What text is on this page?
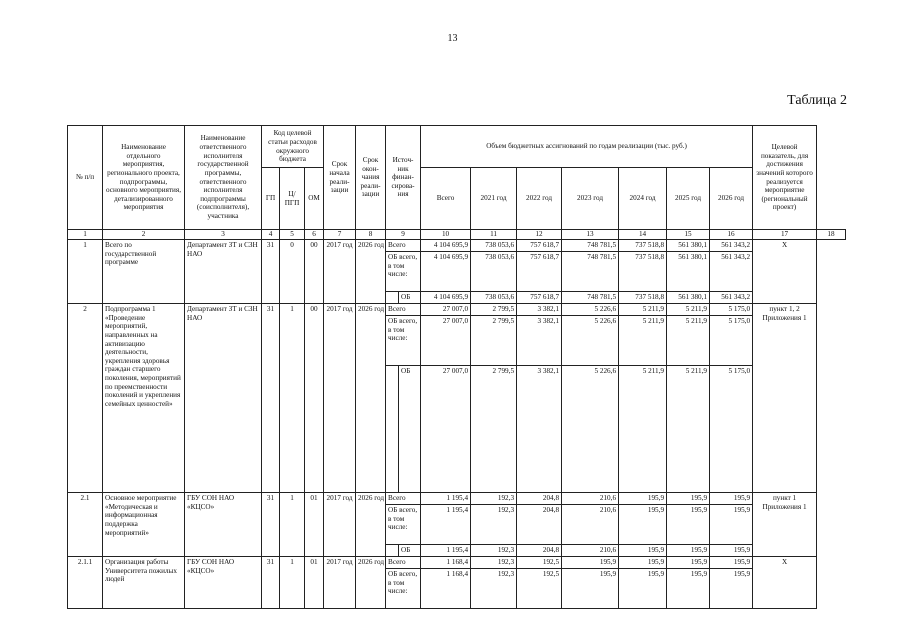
13
Таблица 2
№ п/п	Наименование отдельного мероприятия, регионального проекта, подпрограммы, основного мероприятия, детализированного мероприятия	Наименование ответственного исполнителя государственной программы, ответственного исполнителя подпрограммы (соисполнителя), участника	Код целевой статьи расходов окружного бюджета			Срок начала реали-зации	Срок окон-чания реали-зации	Источ-ник финан-сирова-ния		Объем бюджетных ассигнований по годам реализации (тыс. руб.)							Целевой показатель, для достижения значений которого реализуется мероприятие (региональный проект)	
			ГП	Ц/ПГП	ОМ					Всего	2021 год	2022 год	2023 год	2024 год	2025 год	2026 год		
1	2	3	4	5	6	7	8	9		10	11	12	13	14	15	16	17	18
1	Всего по государственной программе	Департамент ЗТ и СЗН НАО	31	0	00	2017 год	2026 год	Всего		4 104 695,9	738 053,6	757 618,7	748 781,5	737 518,8	561 380,1	561 343,2	Х	
								ОБ всего, в том числе:		4 104 695,9	738 053,6	757 618,7	748 781,5	737 518,8	561 380,1	561 343,2		
									ОБ	4 104 695,9	738 053,6	757 618,7	748 781,5	737 518,8	561 380,1	561 343,2		
2	Подпрограмма 1 «Проведение мероприятий, направленных на активизацию деятельности, укрепления здоровья граждан старшего поколения, мероприятий по преемственности поколений и укрепления семейных ценностей»	Департамент ЗТ и СЗН НАО	31	1	00	2017 год	2026 год	Всего		27 007,0	2 799,5	3 382,1	5 226,6	5 211,9	5 211,9	5 175,0	пункт 1, 2 Приложения 1	
								ОБ всего, в том числе:		27 007,0	2 799,5	3 382,1	5 226,6	5 211,9	5 211,9	5 175,0		
									ОБ	27 007,0	2 799,5	3 382,1	5 226,6	5 211,9	5 211,9	5 175,0		
2.1	Основное мероприятие «Методическая и информационная поддержка мероприятий»	ГБУ СОН НАО «КЦСО»	31	1	01	2017 год	2026 год	Всего		1 195,4	192,3	204,8	210,6	195,9	195,9	195,9	пункт 1 Приложения 1	
								ОБ всего, в том числе:		1 195,4	192,3	204,8	210,6	195,9	195,9	195,9		
									ОБ	1 195,4	192,3	204,8	210,6	195,9	195,9	195,9		
2.1.1	Организация работы Университета пожилых людей	ГБУ СОН НАО «КЦСО»	31	1	01	2017 год	2026 год	Всего		1 168,4	192,3	192,5	195,9	195,9	195,9	195,9	Х	
								ОБ всего, в том числе:		1 168,4	192,3	192,5	195,9	195,9	195,9	195,9		
